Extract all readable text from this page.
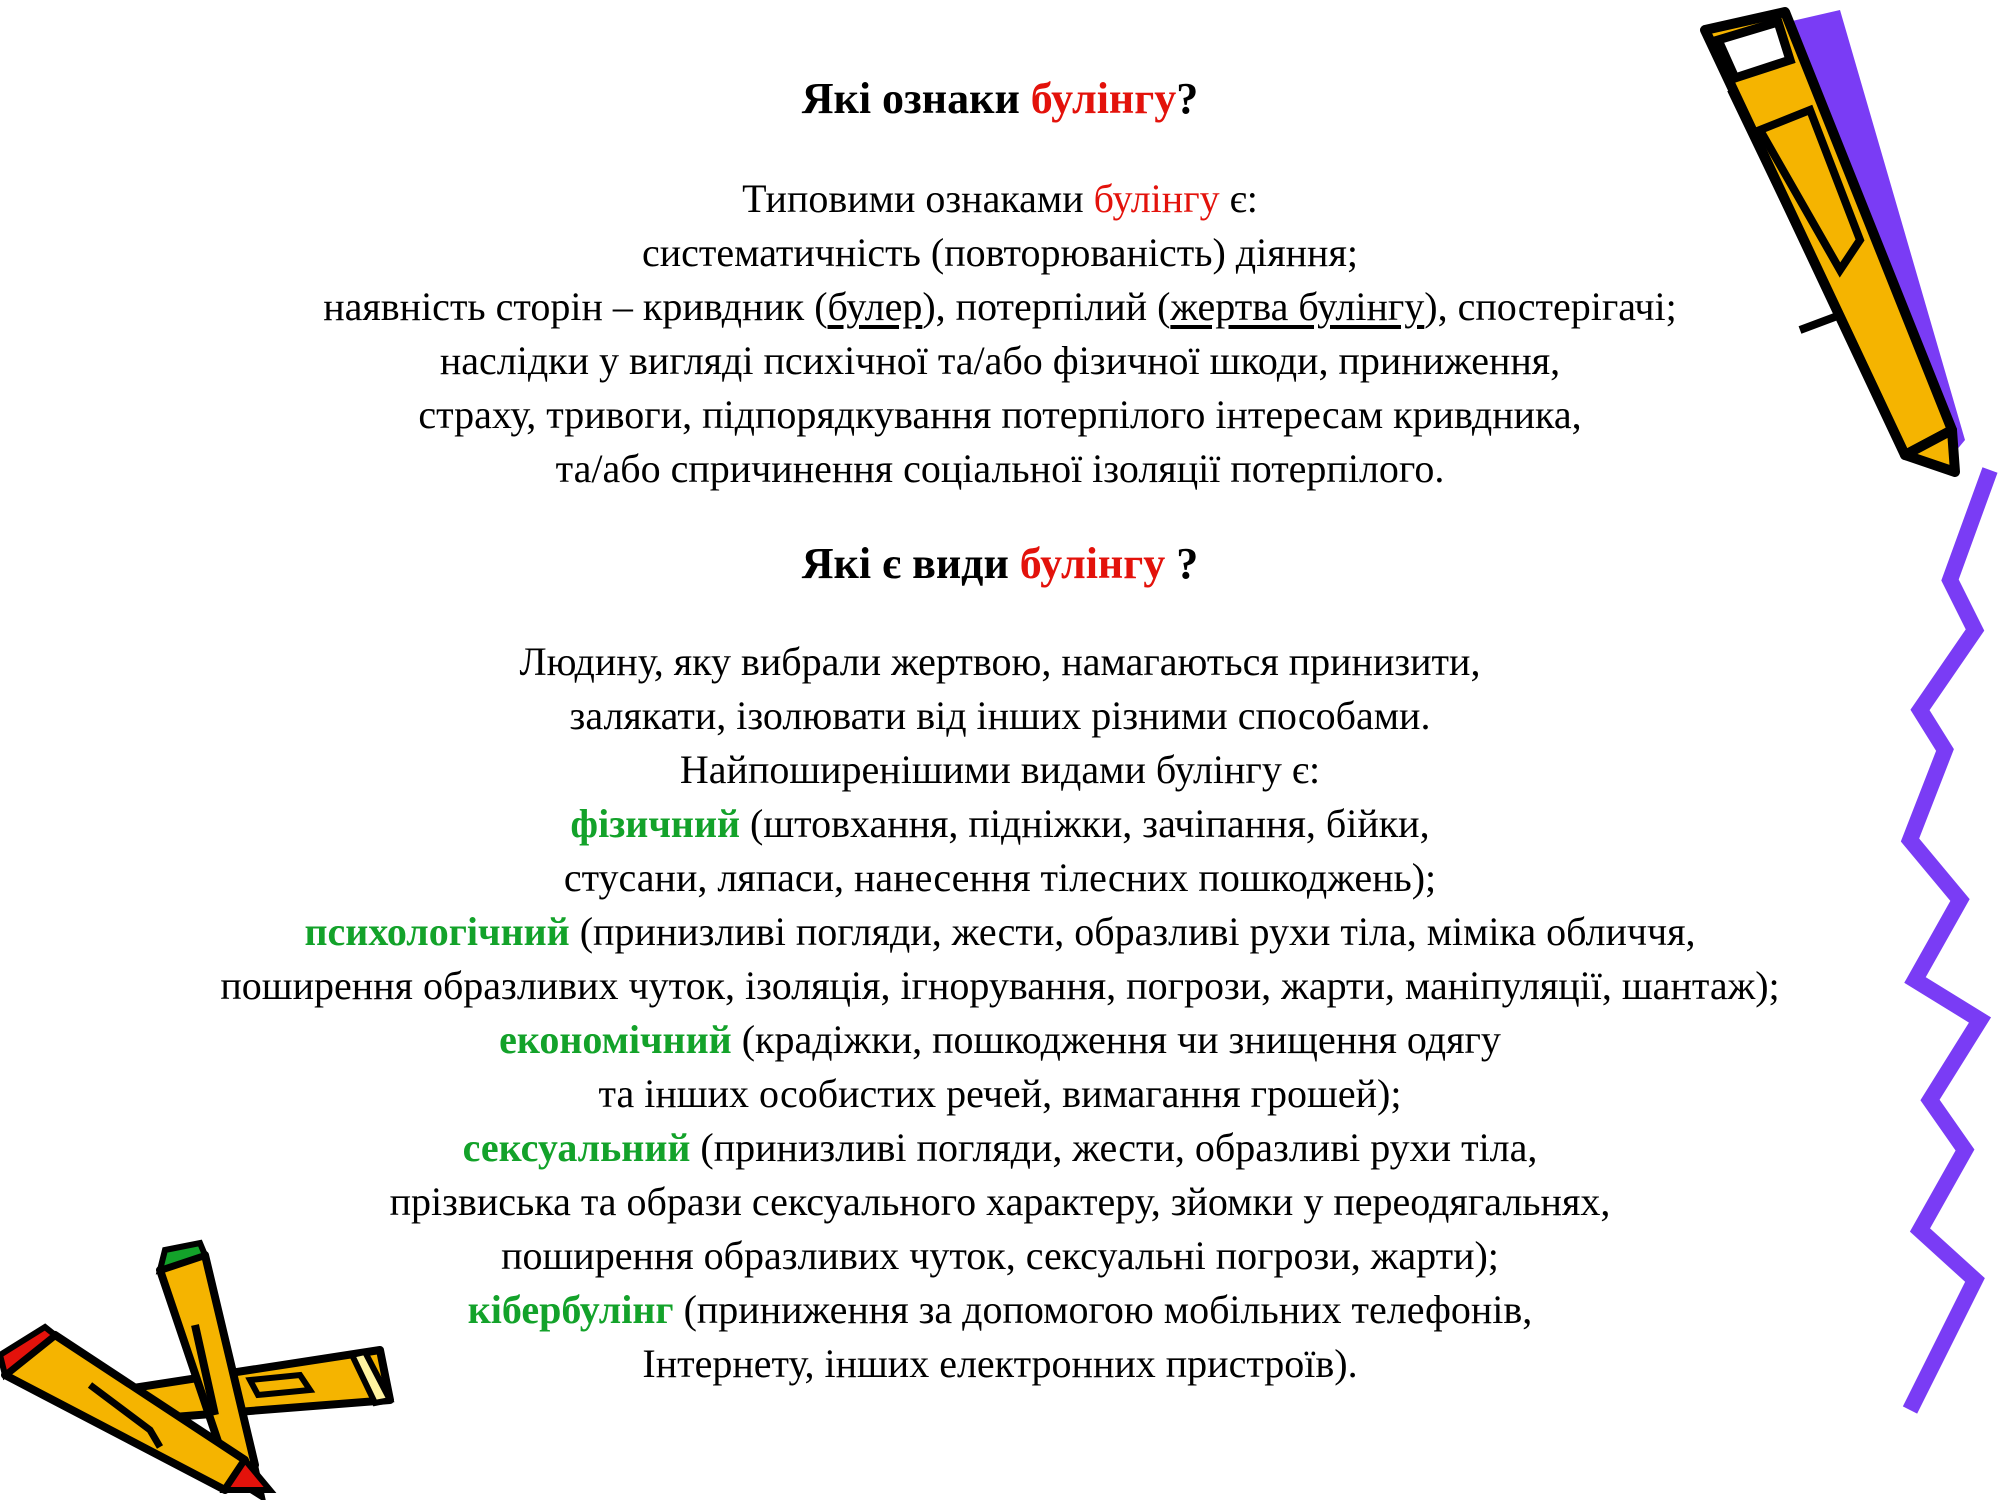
Які ознаки булінгу?
Типовими ознаками булінгу є:
систематичність (повторюваність) діяння;
наявність сторін – кривдник (булер), потерпілий (жертва булінгу), спостерігачі;
наслідки у вигляді психічної та/або фізичної шкоди, приниження,
страху, тривоги, підпорядкування потерпілого інтересам кривдника,
та/або спричинення соціальної ізоляції потерпілого.
Які є види булінгу ?
Людину, яку вибрали жертвою, намагаються принизити,
залякати, ізолювати від інших різними способами.
Найпоширенішими видами булінгу є:
фізичний (штовхання, підніжки, зачіпання, бійки,
стусани, ляпаси, нанесення тілесних пошкоджень);
психологічний (принизливі погляди, жести, образливі рухи тіла, міміка обличчя,
поширення образливих чуток, ізоляція, ігнорування, погрози, жарти, маніпуляції, шантаж);
економічний (крадіжки, пошкодження чи знищення одягу
та інших особистих речей, вимагання грошей);
сексуальний (принизливі погляди, жести, образливі рухи тіла,
прізвиська та образи сексуального характеру, зйомки у переодягальнях,
поширення образливих чуток, сексуальні погрози, жарти);
кібербулінг (приниження за допомогою мобільних телефонів,
Інтернету, інших електронних пристроїв).
